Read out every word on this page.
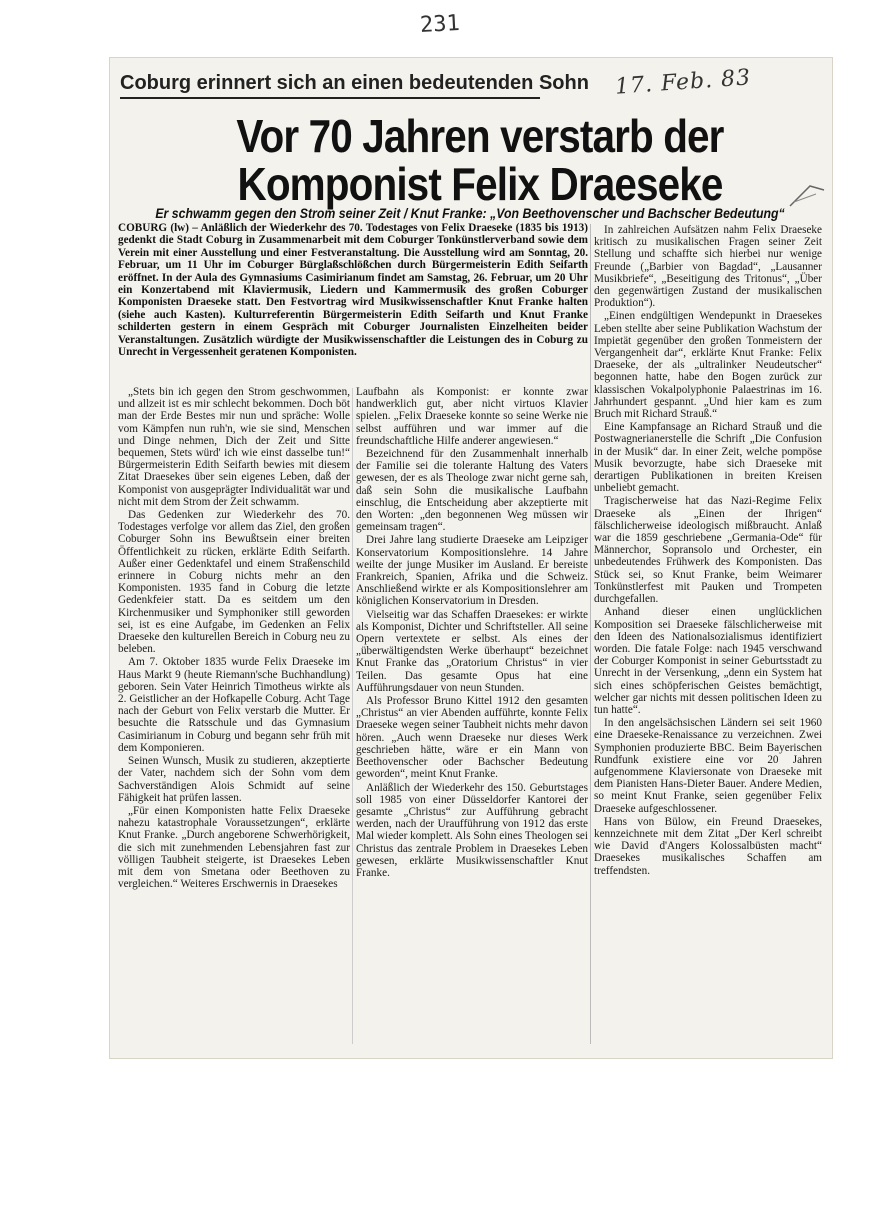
231
17. Feb. 83
Coburg erinnert sich an einen bedeutenden Sohn
Vor 70 Jahren verstarb der
Komponist Felix Draeseke
Er schwamm gegen den Strom seiner Zeit / Knut Franke: „Von Beethovenscher und Bachscher Bedeutung“
COBURG (lw) – Anläßlich der Wiederkehr des 70. Todestages von Felix Draeseke (1835 bis 1913) gedenkt die Stadt Coburg in Zusammenarbeit mit dem Coburger Tonkünstlerverband sowie dem Verein mit einer Ausstellung und einer Festveranstaltung. Die Ausstellung wird am Sonntag, 20. Februar, um 11 Uhr im Coburger Bürglaßschlößchen durch Bürgermeisterin Edith Seifarth eröffnet. In der Aula des Gymnasiums Casimirianum findet am Samstag, 26. Februar, um 20 Uhr ein Konzertabend mit Klaviermusik, Liedern und Kammermusik des großen Coburger Komponisten Draeseke statt. Den Festvortrag wird Musikwissenschaftler Knut Franke halten (siehe auch Kasten). Kulturreferentin Bürgermeisterin Edith Seifarth und Knut Franke schilderten gestern in einem Gespräch mit Coburger Journalisten Einzelheiten beider Veranstaltungen. Zusätzlich würdigte der Musikwissenschaftler die Leistungen des in Coburg zu Unrecht in Vergessenheit geratenen Komponisten.

„Stets bin ich gegen den Strom geschwommen, und allzeit ist es mir schlecht bekommen. Doch böt man der Erde Bestes mir nun und spräche: Wolle vom Kämpfen nun ruh'n, wie sie sind, Menschen und Dinge nehmen, Dich der Zeit und Sitte bequemen, Stets würd' ich wie einst dasselbe tun!“ Bürgermeisterin Edith Seifarth bewies mit diesem Zitat Draesekes über sein eigenes Leben, daß der Komponist von ausgeprägter Individualität war und nicht mit dem Strom der Zeit schwamm.

Das Gedenken zur Wiederkehr des 70. Todestages verfolge vor allem das Ziel, den großen Coburger Sohn ins Bewußtsein einer breiten Öffentlichkeit zu rücken, erklärte Edith Seifarth. Außer einer Gedenktafel und einem Straßenschild erinnere in Coburg nichts mehr an den Komponisten. 1935 fand in Coburg die letzte Gedenkfeier statt. Da es seitdem um den Kirchenmusiker und Symphoniker still geworden sei, ist es eine Aufgabe, im Gedenken an Felix Draeseke den kulturellen Bereich in Coburg neu zu beleben.

Am 7. Oktober 1835 wurde Felix Draeseke im Haus Markt 9 (heute Riemann'sche Buchhandlung) geboren. Sein Vater Heinrich Timotheus wirkte als 2. Geistlicher an der Hofkapelle Coburg. Acht Tage nach der Geburt von Felix verstarb die Mutter. Er besuchte die Ratsschule und das Gymnasium Casimirianum in Coburg und begann sehr früh mit dem Komponieren.

Seinen Wunsch, Musik zu studieren, akzeptierte der Vater, nachdem sich der Sohn vom dem Sachverständigen Alois Schmidt auf seine Fähigkeit hat prüfen lassen.

„Für einen Komponisten hatte Felix Draeseke nahezu katastrophale Voraussetzungen“, erklärte Knut Franke. „Durch angeborene Schwerhörigkeit, die sich mit zunehmenden Lebensjahren fast zur völligen Taubheit steigerte, ist Draesekes Leben mit dem von Smetana oder Beethoven zu vergleichen.“ Weiteres Erschwernis in Draesekes

Laufbahn als Komponist: er konnte zwar handwerklich gut, aber nicht virtuos Klavier spielen. „Felix Draeseke konnte so seine Werke nie selbst aufführen und war immer auf die freundschaftliche Hilfe anderer angewiesen.“

Bezeichnend für den Zusammenhalt innerhalb der Familie sei die tolerante Haltung des Vaters gewesen, der es als Theologe zwar nicht gerne sah, daß sein Sohn die musikalische Laufbahn einschlug, die Entscheidung aber akzeptierte mit den Worten: „den begonnenen Weg müssen wir gemeinsam tragen“.

Drei Jahre lang studierte Draeseke am Leipziger Konservatorium Kompositionslehre. 14 Jahre weilte der junge Musiker im Ausland. Er bereiste Frankreich, Spanien, Afrika und die Schweiz. Anschließend wirkte er als Kompositionslehrer am königlichen Konservatorium in Dresden.

Vielseitig war das Schaffen Draesekes: er wirkte als Komponist, Dichter und Schriftsteller. All seine Opern vertextete er selbst. Als eines der „überwältigendsten Werke überhaupt“ bezeichnet Knut Franke das „Oratorium Christus“ in vier Teilen. Das gesamte Opus hat eine Aufführungsdauer von neun Stunden.

Als Professor Bruno Kittel 1912 den gesamten „Christus“ an vier Abenden aufführte, konnte Felix Draeseke wegen seiner Taubheit nichts mehr davon hören. „Auch wenn Draeseke nur dieses Werk geschrieben hätte, wäre er ein Mann von Beethovenscher oder Bachscher Bedeutung geworden“, meint Knut Franke.

Anläßlich der Wiederkehr des 150. Geburtstages soll 1985 von einer Düsseldorfer Kantorei der gesamte „Christus“ zur Aufführung gebracht werden, nach der Uraufführung von 1912 das erste Mal wieder komplett. Als Sohn eines Theologen sei Christus das zentrale Problem in Draesekes Leben gewesen, erklärte Musikwissenschaftler Knut Franke.

In zahlreichen Aufsätzen nahm Felix Draeseke kritisch zu musikalischen Fragen seiner Zeit Stellung und schaffte sich hierbei nur wenige Freunde („Barbier von Bagdad“, „Lausanner Musikbriefe“, „Beseitigung des Tritonus“, „Über den gegenwärtigen Zustand der musikalischen Produktion“).

„Einen endgültigen Wendepunkt in Draesekes Leben stellte aber seine Publikation Wachstum der Impietät gegenüber den großen Tonmeistern der Vergangenheit dar“, erklärte Knut Franke: Felix Draeseke, der als „ultralinker Neudeutscher“ begonnen hatte, habe den Bogen zurück zur klassischen Vokalpolyphonie Palaestrinas im 16. Jahrhundert gespannt. „Und hier kam es zum Bruch mit Richard Strauß.“

Eine Kampfansage an Richard Strauß und die Postwagnerianerstelle die Schrift „Die Confusion in der Musik“ dar. In einer Zeit, welche pompöse Musik bevorzugte, habe sich Draeseke mit derartigen Publikationen in breiten Kreisen unbeliebt gemacht.

Tragischerweise hat das Nazi-Regime Felix Draeseke als „Einen der Ihrigen“ fälschlicherweise ideologisch mißbraucht. Anlaß war die 1859 geschriebene „Germania-Ode“ für Männerchor, Sopransolo und Orchester, ein unbedeutendes Frühwerk des Komponisten. Das Stück sei, so Knut Franke, beim Weimarer Tonkünstlerfest mit Pauken und Trompeten durchgefallen.

Anhand dieser einen unglücklichen Komposition sei Draeseke fälschlicherweise mit den Ideen des Nationalsozialismus identifiziert worden. Die fatale Folge: nach 1945 verschwand der Coburger Komponist in seiner Geburtsstadt zu Unrecht in der Versenkung, „denn ein System hat sich eines schöpferischen Geistes bemächtigt, welcher gar nichts mit dessen politischen Ideen zu tun hatte“.

In den angelsächsischen Ländern sei seit 1960 eine Draeseke-Renaissance zu verzeichnen. Zwei Symphonien produzierte BBC. Beim Bayerischen Rundfunk existiere eine vor 20 Jahren aufgenommene Klaviersonate von Draeseke mit dem Pianisten Hans-Dieter Bauer. Andere Medien, so meint Knut Franke, seien gegenüber Felix Draeseke aufgeschlossener.

Hans von Bülow, ein Freund Draesekes, kennzeichnete mit dem Zitat „Der Kerl schreibt wie David d'Angers Kolossalbüsten macht“ Draesekes musikalisches Schaffen am treffendsten.
